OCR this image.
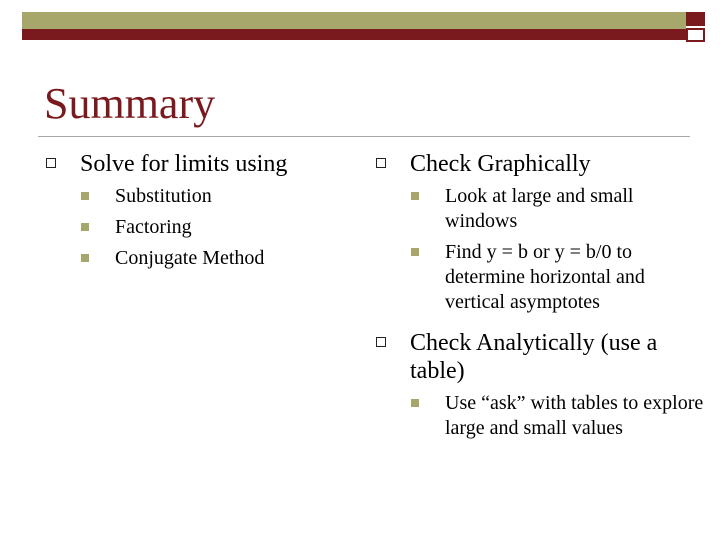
Summary
Solve for limits using
Substitution
Factoring
Conjugate Method
Check Graphically
Look at large and small windows
Find y = b or y = b/0 to determine horizontal and vertical asymptotes
Check Analytically (use a table)
Use “ask” with tables to explore large and small values
